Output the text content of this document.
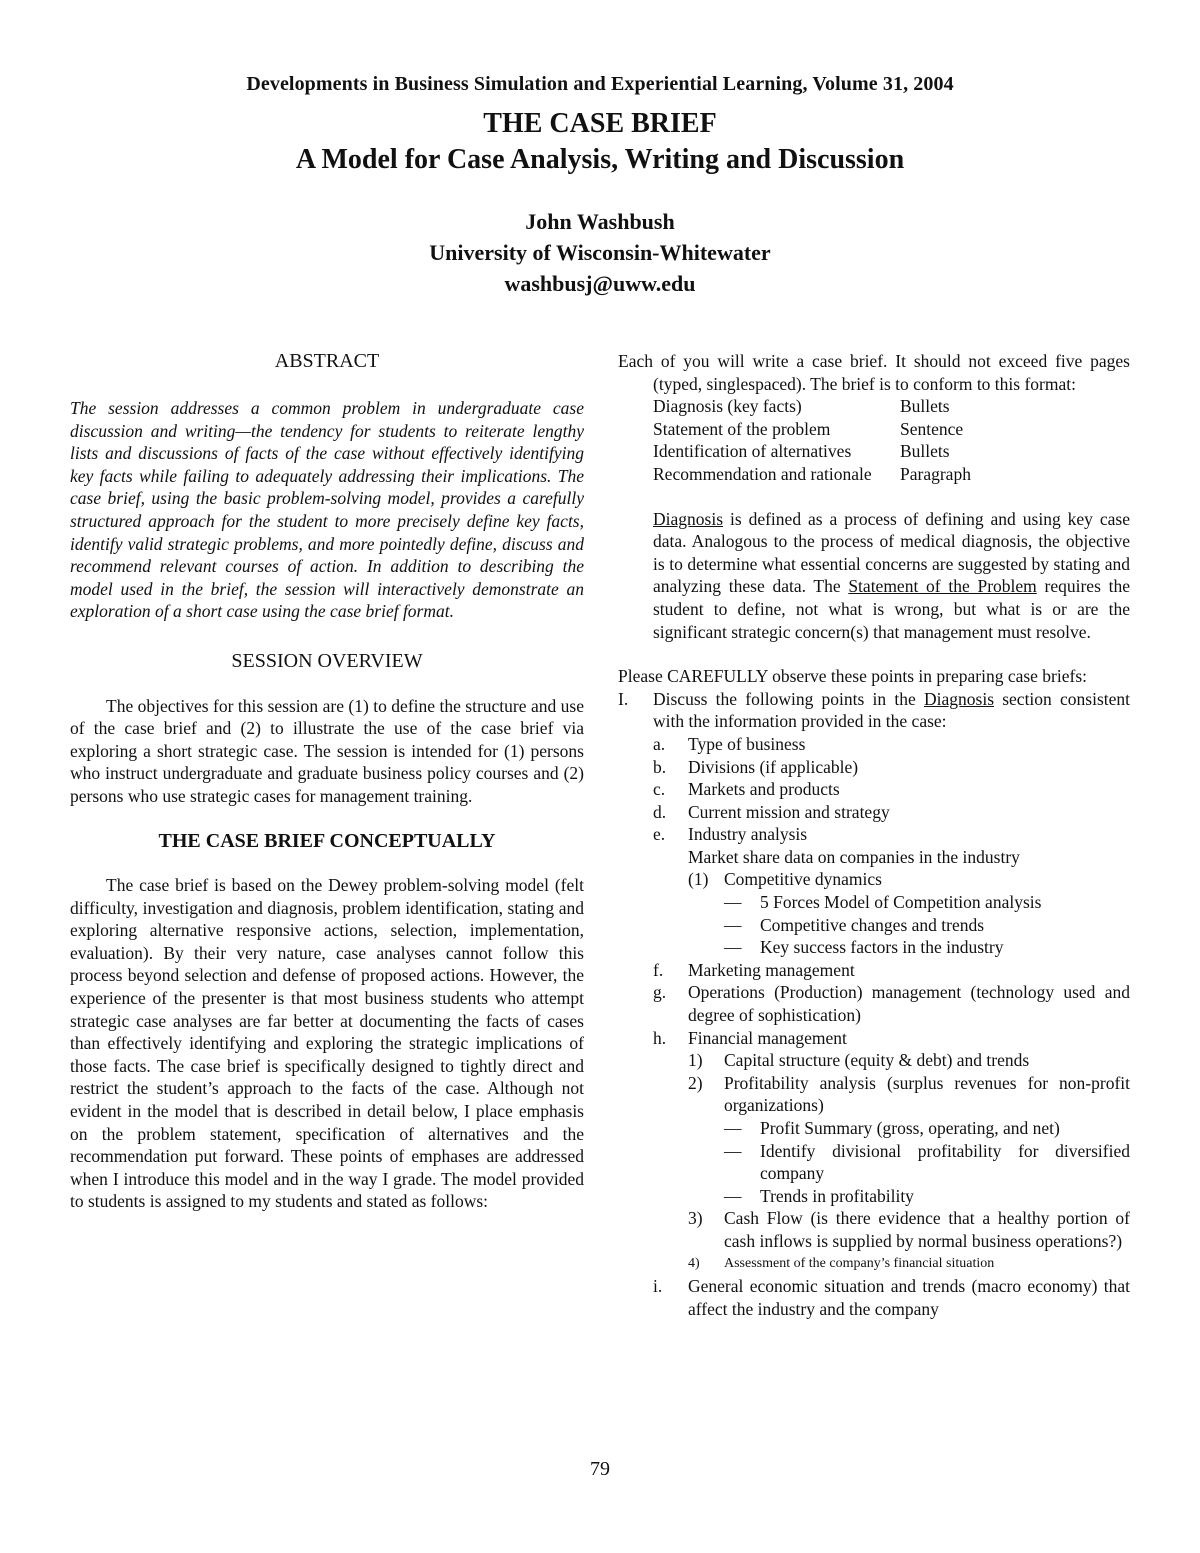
Developments in Business Simulation and Experiential Learning, Volume 31, 2004
THE CASE BRIEF
A Model for Case Analysis, Writing and Discussion
John Washbush
University of Wisconsin-Whitewater
washbusj@uww.edu
ABSTRACT

The session addresses a common problem in undergraduate case discussion and writing—the tendency for students to reiterate lengthy lists and discussions of facts of the case without effectively identifying key facts while failing to adequately addressing their implications. The case brief, using the basic problem-solving model, provides a carefully structured approach for the student to more precisely define key facts, identify valid strategic problems, and more pointedly define, discuss and recommend relevant courses of action. In addition to describing the model used in the brief, the session will interactively demonstrate an exploration of a short case using the case brief format.

SESSION OVERVIEW

The objectives for this session are (1) to define the structure and use of the case brief and (2) to illustrate the use of the case brief via exploring a short strategic case. The session is intended for (1) persons who instruct undergraduate and graduate business policy courses and (2) persons who use strategic cases for management training.

THE CASE BRIEF CONCEPTUALLY

The case brief is based on the Dewey problem-solving model (felt difficulty, investigation and diagnosis, problem identification, stating and exploring alternative responsive actions, selection, implementation, evaluation). By their very nature, case analyses cannot follow this process beyond selection and defense of proposed actions. However, the experience of the presenter is that most business students who attempt strategic case analyses are far better at documenting the facts of cases than effectively identifying and exploring the strategic implications of those facts. The case brief is specifically designed to tightly direct and restrict the student’s approach to the facts of the case. Although not evident in the model that is described in detail below, I place emphasis on the problem statement, specification of alternatives and the recommendation put forward. These points of emphases are addressed when I introduce this model and in the way I grade. The model provided to students is assigned to my students and stated as follows:

Each of you will write a case brief. It should not exceed five pages (typed, singlespaced). The brief is to conform to this format:

Diagnosis (key facts)	Bullets
Statement of the problem	Sentence
Identification of alternatives	Bullets
Recommendation and rationale	Paragraph

Diagnosis is defined as a process of defining and using key case data. Analogous to the process of medical diagnosis, the objective is to determine what essential concerns are suggested by stating and analyzing these data. The Statement of the Problem requires the student to define, not what is wrong, but what is or are the significant strategic concern(s) that management must resolve.

Please CAREFULLY observe these points in preparing case briefs:

I.	Discuss the following points in the Diagnosis section consistent with the information provided in the case:
a.	Type of business
b.	Divisions (if applicable)
c.	Markets and products
d.	Current mission and strategy
e.	Industry analysis
Market share data on companies in the industry
(1) Competitive dynamics
—	5 Forces Model of Competition analysis
—	Competitive changes and trends
—	Key success factors in the industry
f.	Marketing management
g.	Operations (Production) management (technology used and degree of sophistication)
h.	Financial management
1)	Capital structure (equity & debt) and trends
2)	Profitability analysis (surplus revenues for non-profit organizations)
—	Profit Summary (gross, operating, and net)
—	Identify divisional profitability for diversified company
—	Trends in profitability
3)	Cash Flow (is there evidence that a healthy portion of cash inflows is supplied by normal business operations?)
4)	Assessment of the company’s financial situation
i.	General economic situation and trends (macro economy) that affect the industry and the company
79
